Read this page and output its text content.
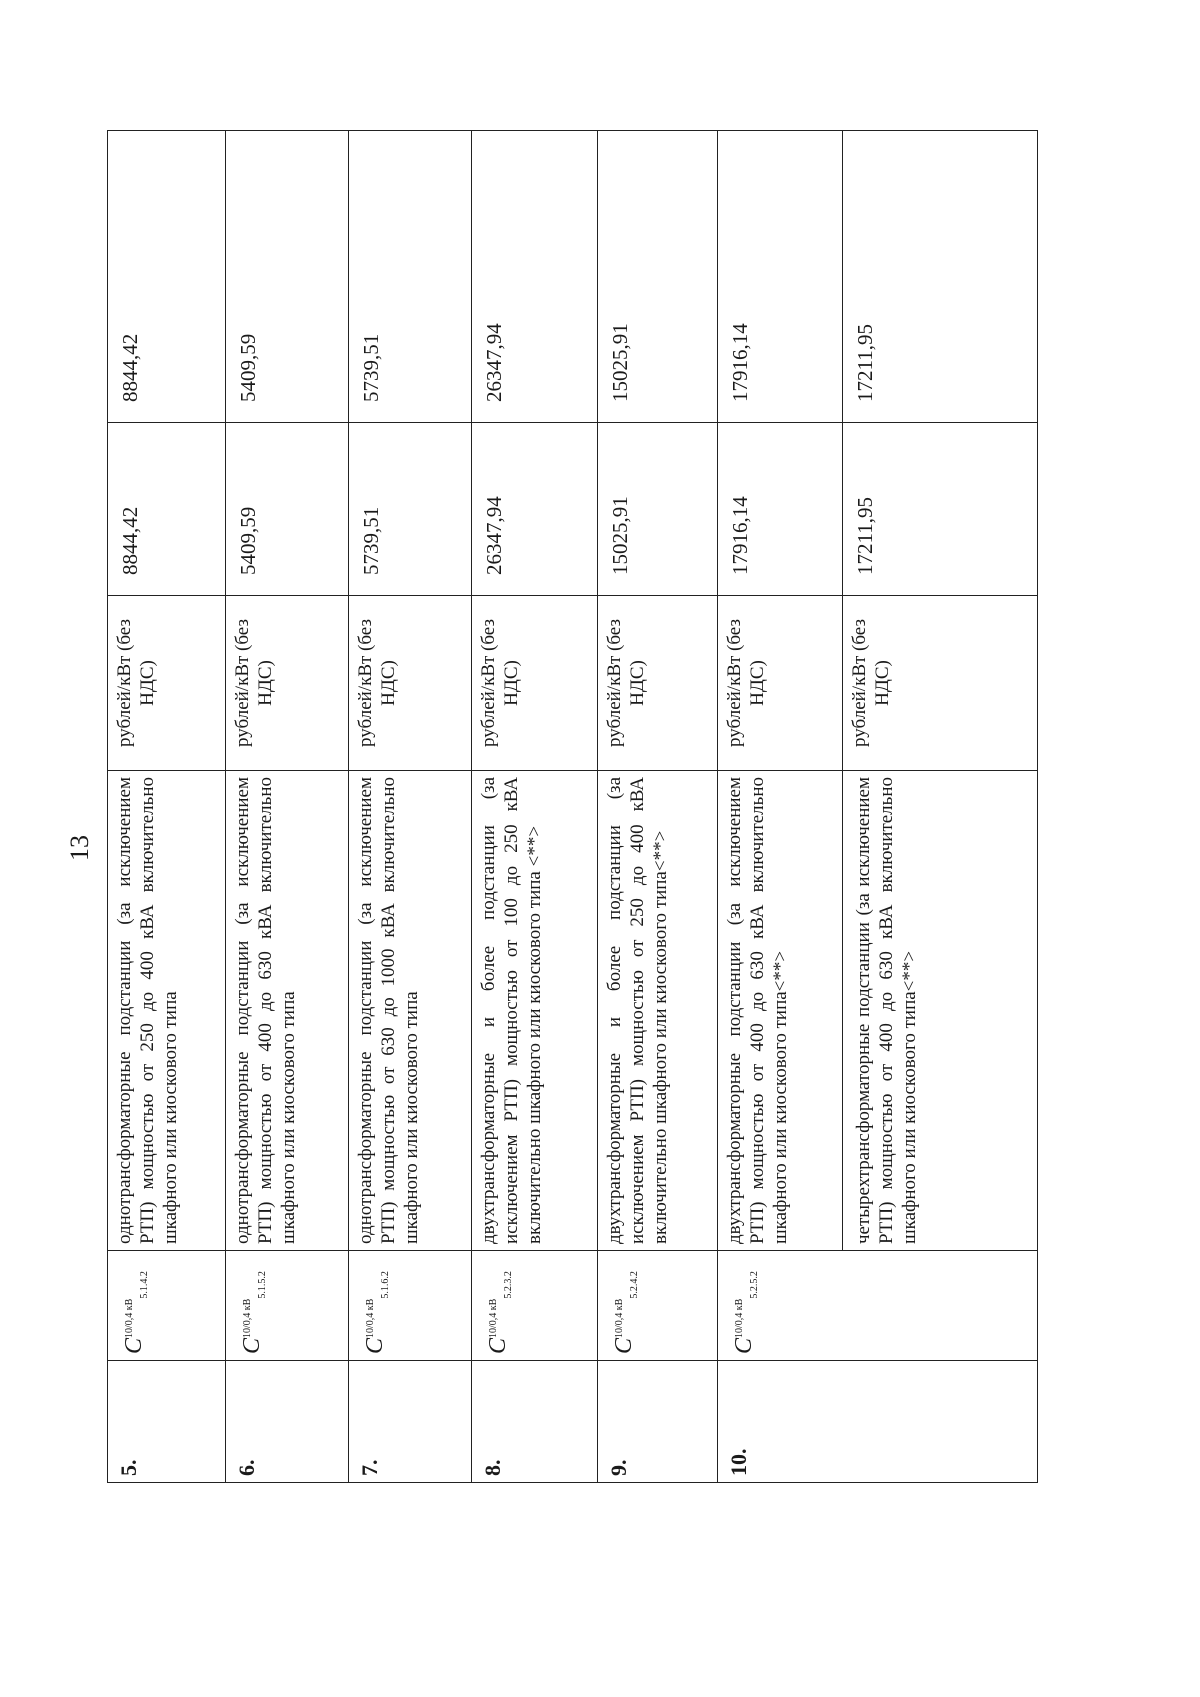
13
5.	$C^{10/0,4 кВ}_{5.1.4.2}$	однотрансформаторные подстанции (за исключением РТП) мощностью от 250 до 400 кВА включительно шкафного или киоскового типа	рублей/кВт (без НДС)	8844,42	8844,42
6.	$C^{10/0,4 кВ}_{5.1.5.2}$	однотрансформаторные подстанции (за исключением РТП) мощностью от 400 до 630 кВА включительно шкафного или киоскового типа	рублей/кВт (без НДС)	5409,59	5409,59
7.	$C^{10/0,4 кВ}_{5.1.6.2}$	однотрансформаторные подстанции (за исключением РТП) мощностью от 630 до 1000 кВА включительно шкафного или киоскового типа	рублей/кВт (без НДС)	5739,51	5739,51
8.	$C^{10/0,4 кВ}_{5.2.3.2}$	двухтрансформаторные и более подстанции (за исключением РТП) мощностью от 100 до 250 кВА включительно шкафного или киоскового типа <**>	рублей/кВт (без НДС)	26347,94	26347,94
9.	$C^{10/0,4 кВ}_{5.2.4.2}$	двухтрансформаторные и более подстанции (за исключением РТП) мощностью от 250 до 400 кВА включительно шкафного или киоскового типа<**>	рублей/кВт (без НДС)	15025,91	15025,91
10.	$C^{10/0,4 кВ}_{5.2.5.2}$	двухтрансформаторные подстанции (за исключением РТП) мощностью от 400 до 630 кВА включительно шкафного или киоскового типа<**>	рублей/кВт (без НДС)	17916,14	17916,14
		четырехтрансформаторные подстанции (за исключением РТП) мощностью от 400 до 630 кВА включительно шкафного или киоскового типа<**>	рублей/кВт (без НДС)	17211,95	17211,95
